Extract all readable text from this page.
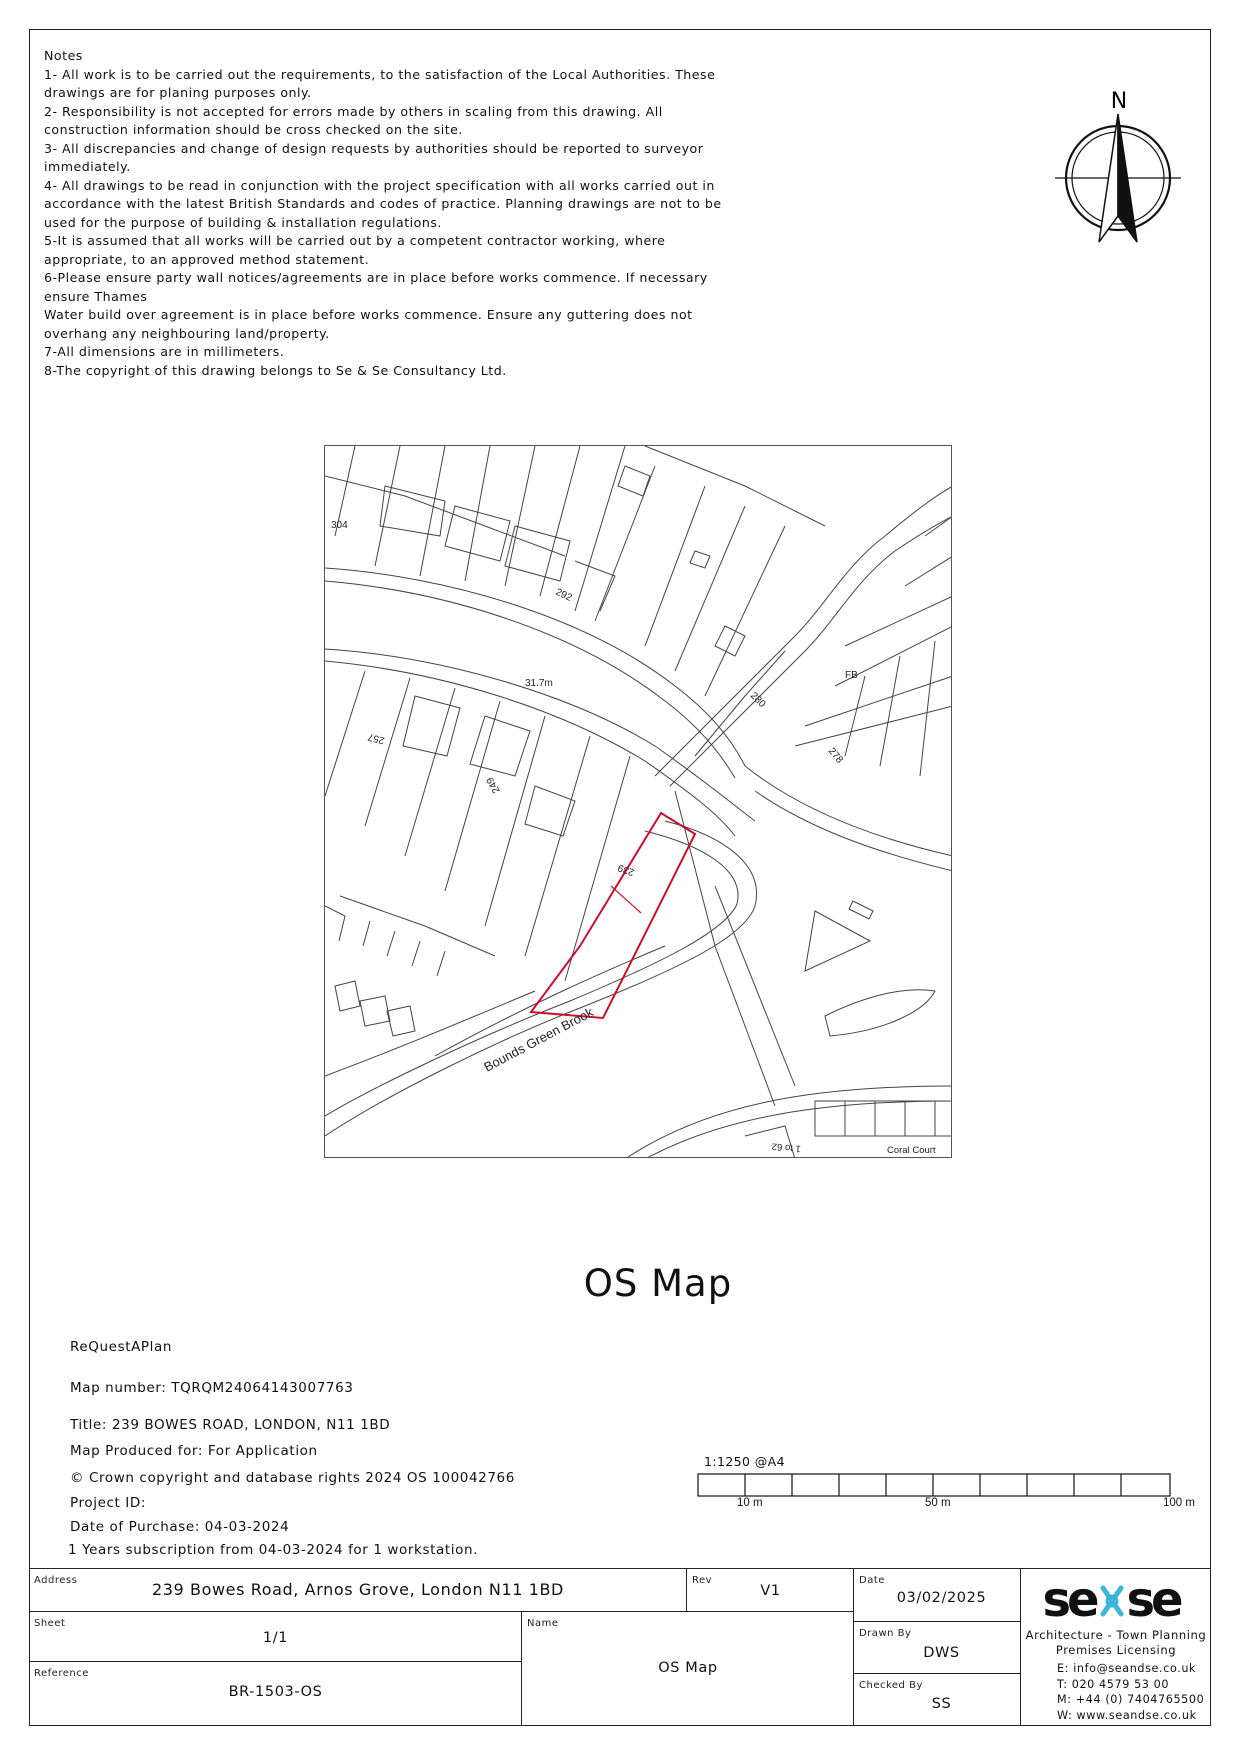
Notes
1- All work is to be carried out the requirements, to the satisfaction of the Local Authorities. These
drawings are for planing purposes only.
2- Responsibility is not accepted for errors made by others in scaling from this drawing. All
construction information should be cross checked on the site.
3- All discrepancies and change of design requests by authorities should be reported to surveyor
immediately.
4- All drawings to be read in conjunction with the project specification with all works carried out in
accordance with the latest British Standards and codes of practice. Planning drawings are not to be
used for the purpose of building & installation regulations.
5-It is assumed that all works will be carried out by a competent contractor working, where
appropriate, to an approved method statement.
6-Please ensure party wall notices/agreements are in place before works commence. If necessary
ensure Thames
Water build over agreement is in place before works commence. Ensure any guttering does not
overhang any neighbouring land/property.
7-All dimensions are in millimeters.
8-The copyright of this drawing belongs to Se & Se Consultancy Ltd.
N
304
292
280
278
257
249
239
31.7m
FB
Bounds Green Brook
Coral Court
1 to 62
OS Map
ReQuestAPlan
Map number: TQRQM24064143007763
Title: 239 BOWES ROAD, LONDON, N11 1BD
Map Produced for: For Application
© Crown copyright and database rights 2024 OS 100042766
Project ID:
Date of Purchase: 04-03-2024
1 Years subscription from 04-03-2024 for 1 workstation.
1:1250 @A4
10 m	50 m	100 m
Address	239 Bowes Road, Arnos Grove, London N11 1BD	Rev
V1
Date
03/02/2025
Sheet
1/1
Name
OS Map
Drawn By
DWS
Reference
BR-1503-OS	Checked By
SS
se se
Architecture - Town Planning
Premises Licensing
E: info@seandse.co.uk
T: 020 4579 53 00
M: +44 (0) 7404765500
W: www.seandse.co.uk
